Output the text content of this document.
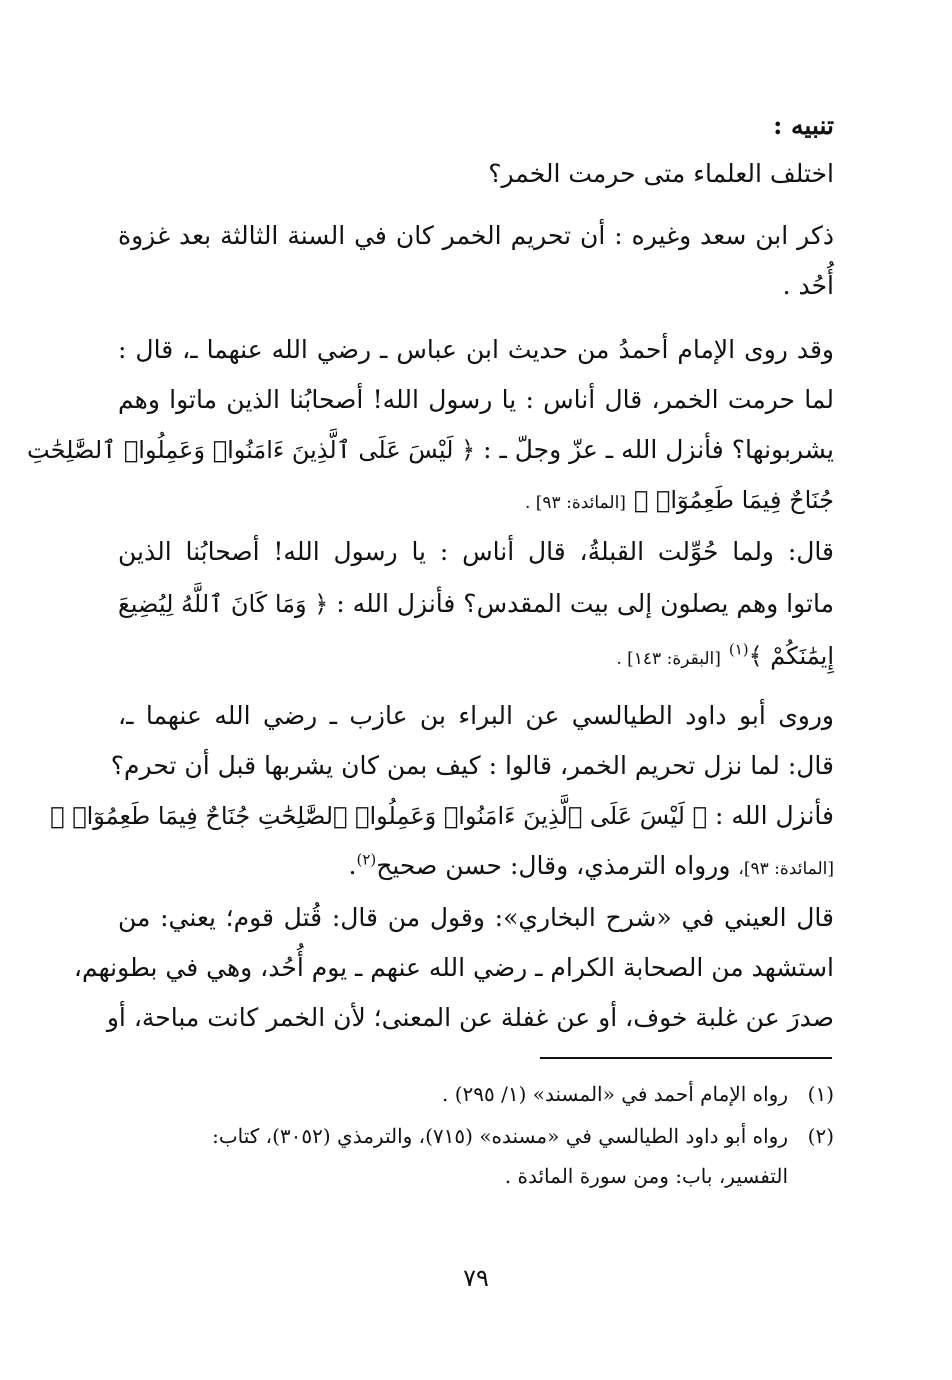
تنبيه :
اختلف العلماء متى حرمت الخمر؟
ذكر ابن سعد وغيره : أن تحريم الخمر كان في السنة الثالثة بعد غزوة
أُحُد .
وقد روى الإمام أحمدُ من حديث ابن عباس ـ رضي الله عنهما ـ، قال :
لما حرمت الخمر، قال أناس : يا رسول الله! أصحابُنا الذين ماتوا وهم
يشربونها؟ فأنزل الله ـ عزّ وجلّ ـ : ﴿ لَيْسَ عَلَى ٱلَّذِينَ ءَامَنُوا۟ وَعَمِلُوا۟ ٱلصَّٰلِحَٰتِ
جُنَاحٌ فِيمَا طَعِمُوٓا۟ ﴾ [المائدة: ٩٣] .
قال: ولما حُوِّلت القبلةُ، قال أناس : يا رسول الله! أصحابُنا الذين
ماتوا وهم يصلون إلى بيت المقدس؟ فأنزل الله : ﴿ وَمَا كَانَ ٱللَّهُ لِيُضِيعَ
إِيمَٰنَكُمْ ﴾$^{(١)}$ [البقرة: ١٤٣] .
وروى أبو داود الطيالسي عن البراء بن عازب ـ رضي الله عنهما ـ،
قال: لما نزل تحريم الخمر، قالوا : كيف بمن كان يشربها قبل أن تحرم؟
فأنزل الله : ﴿ لَيْسَ عَلَى ٱلَّذِينَ ءَامَنُوا۟ وَعَمِلُوا۟ ٱلصَّٰلِحَٰتِ جُنَاحٌ فِيمَا طَعِمُوٓا۟ ﴾
[المائدة: ٩٣]، ورواه الترمذي، وقال: حسن صحيح$^{(٢)}$.
قال العيني في «شرح البخاري»: وقول من قال: قُتل قوم؛ يعني: من
استشهد من الصحابة الكرام ـ رضي الله عنهم ـ يوم أُحُد، وهي في بطونهم،
صدرَ عن غلبة خوف، أو عن غفلة عن المعنى؛ لأن الخمر كانت مباحة، أو
(١)رواه الإمام أحمد في «المسند» (١/ ٢٩٥) .
(٢)رواه أبو داود الطيالسي في «مسنده» (٧١٥)، والترمذي (٣٠٥٢)، كتاب:
التفسير، باب: ومن سورة المائدة .
٧٩
